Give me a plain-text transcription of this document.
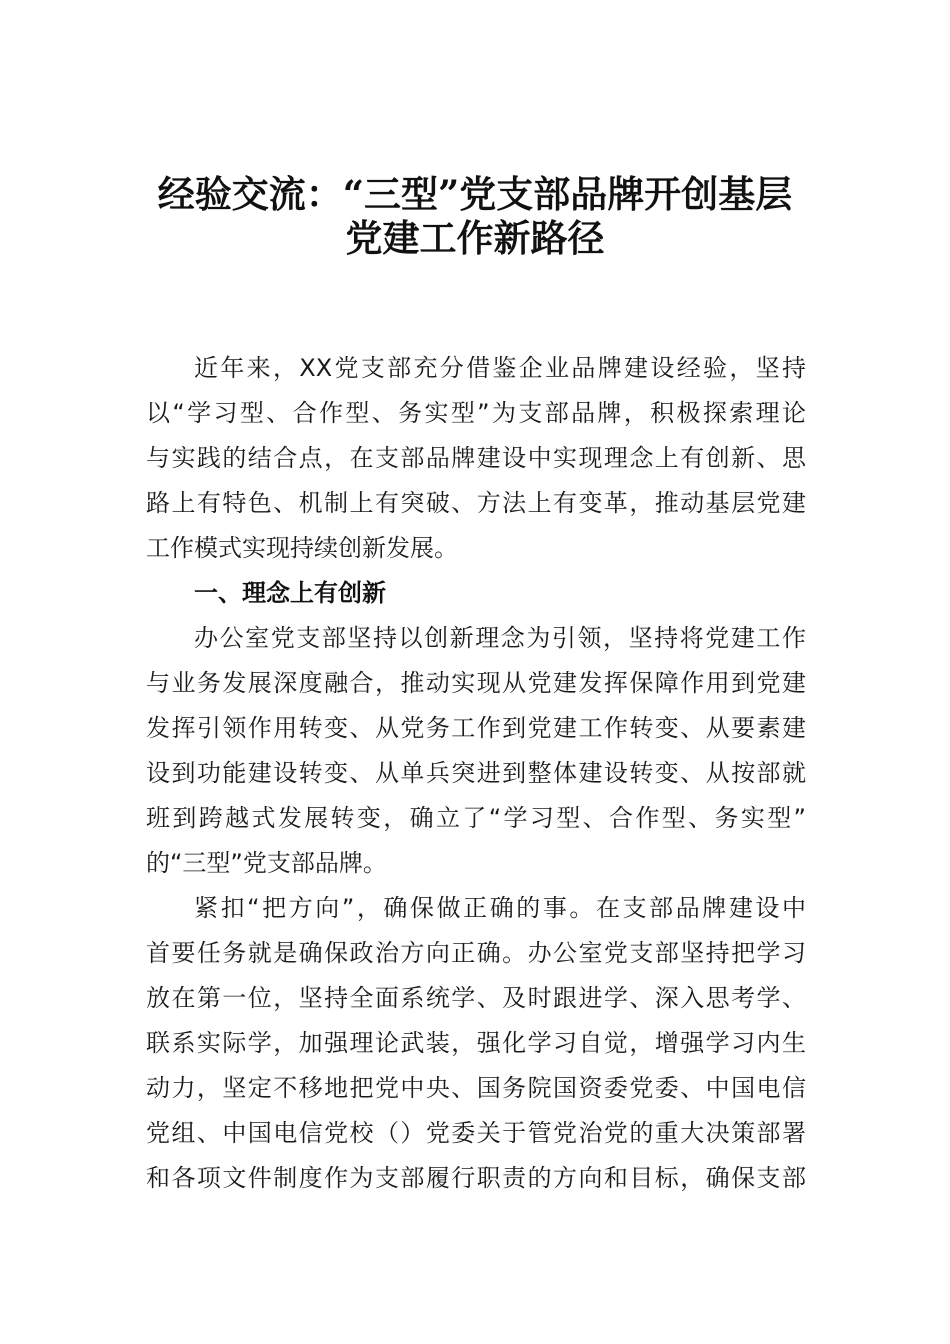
经验交流：“三型”党支部品牌开创基层
党建工作新路径
近年来，XX党支部充分借鉴企业品牌建设经验，坚持
以“学习型、合作型、务实型”为支部品牌，积极探索理论
与实践的结合点，在支部品牌建设中实现理念上有创新、思
路上有特色、机制上有突破、方法上有变革，推动基层党建
工作模式实现持续创新发展。
一、理念上有创新
办公室党支部坚持以创新理念为引领，坚持将党建工作
与业务发展深度融合，推动实现从党建发挥保障作用到党建
发挥引领作用转变、从党务工作到党建工作转变、从要素建
设到功能建设转变、从单兵突进到整体建设转变、从按部就
班到跨越式发展转变，确立了“学习型、合作型、务实型”
的“三型”党支部品牌。
紧扣“把方向”，确保做正确的事。在支部品牌建设中
首要任务就是确保政治方向正确。办公室党支部坚持把学习
放在第一位，坚持全面系统学、及时跟进学、深入思考学、
联系实际学，加强理论武装，强化学习自觉，增强学习内生
动力，坚定不移地把党中央、国务院国资委党委、中国电信
党组、中国电信党校（）党委关于管党治党的重大决策部署
和各项文件制度作为支部履行职责的方向和目标，确保支部
